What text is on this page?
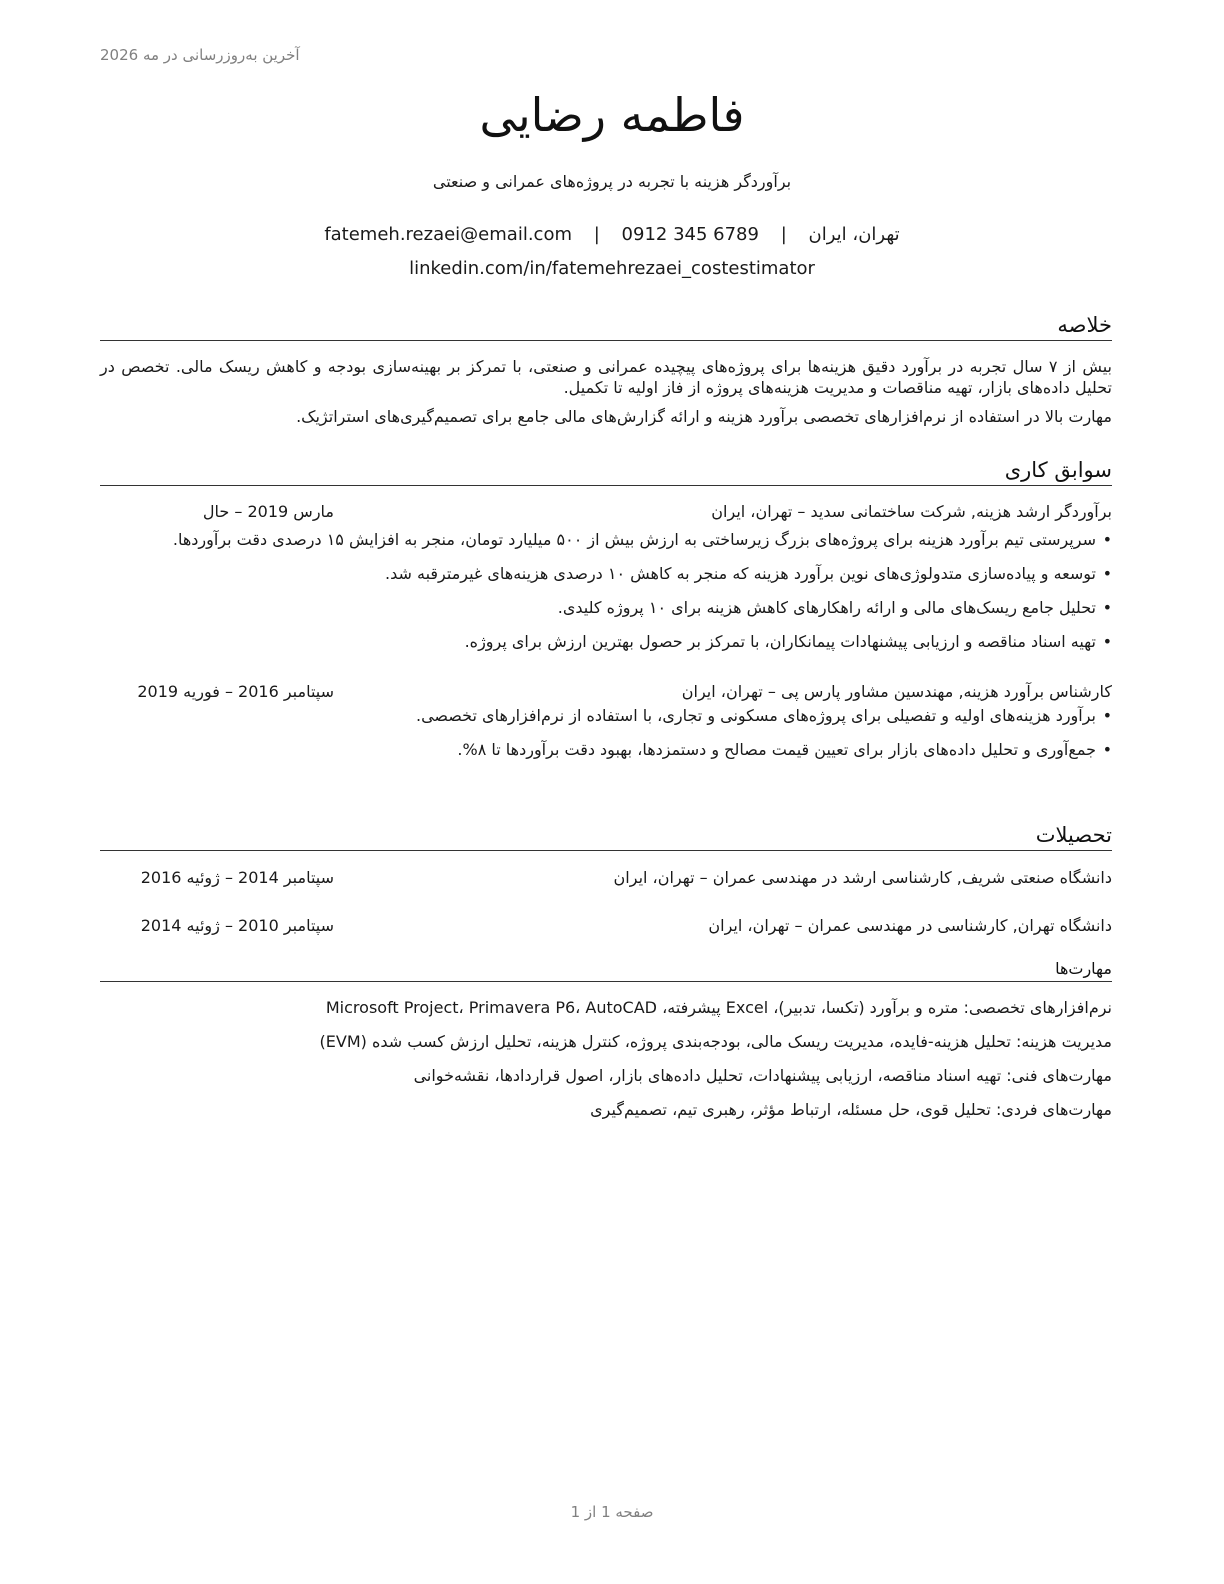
آخرین به‌روزرسانی در مه 2026
فاطمه رضایی
برآوردگر هزینه با تجربه در پروژه‌های عمرانی و صنعتی
تهران، ایران | fatemeh.rezaei@email.com | 0912 345 6789
linkedin.com/in/fatemehrezaei_costestimator
خلاصه

بیش از ۷ سال تجربه در برآورد دقیق هزینه‌ها برای پروژه‌های پیچیده عمرانی و صنعتی، با تمرکز بر بهینه‌سازی بودجه و کاهش ریسک مالی. تخصص در تحلیل داده‌های بازار، تهیه مناقصات و مدیریت هزینه‌های پروژه از فاز اولیه تا تکمیل.

مهارت بالا در استفاده از نرم‌افزارهای تخصصی برآورد هزینه و ارائه گزارش‌های مالی جامع برای تصمیم‌گیری‌های استراتژیک.

سوابق کاری
برآوردگر ارشد هزینه, شرکت ساختمانی سدید – تهران، ایران
مارس 2019 – حال
• سرپرستی تیم برآورد هزینه برای پروژه‌های بزرگ زیرساختی به ارزش بیش از ۵۰۰ میلیارد تومان، منجر به افزایش ۱۵ درصدی دقت برآوردها.
• توسعه و پیاده‌سازی متدولوژی‌های نوین برآورد هزینه که منجر به کاهش ۱۰ درصدی هزینه‌های غیرمترقبه شد.
• تحلیل جامع ریسک‌های مالی و ارائه راهکارهای کاهش هزینه برای ۱۰ پروژه کلیدی.
• تهیه اسناد مناقصه و ارزیابی پیشنهادات پیمانکاران، با تمرکز بر حصول بهترین ارزش برای پروژه.
کارشناس برآورد هزینه, مهندسین مشاور پارس پی – تهران، ایران
سپتامبر 2016 – فوریه 2019
• برآورد هزینه‌های اولیه و تفصیلی برای پروژه‌های مسکونی و تجاری، با استفاده از نرم‌افزارهای تخصصی.
• جمع‌آوری و تحلیل داده‌های بازار برای تعیین قیمت مصالح و دستمزدها، بهبود دقت برآوردها تا ۸%.
تحصیلات
دانشگاه صنعتی شریف, کارشناسی ارشد در مهندسی عمران – تهران، ایران
سپتامبر 2014 – ژوئیه 2016
دانشگاه تهران, کارشناسی در مهندسی عمران – تهران، ایران
سپتامبر 2010 – ژوئیه 2014
مهارت‌ها
نرم‌افزارهای تخصصی: متره و برآورد (تکسا، تدبیر)، Excel پیشرفته، Microsoft Project، Primavera P6، AutoCAD
مدیریت هزینه: تحلیل هزینه-فایده، مدیریت ریسک مالی، بودجه‌بندی پروژه، کنترل هزینه، تحلیل ارزش کسب شده (EVM)
مهارت‌های فنی: تهیه اسناد مناقصه، ارزیابی پیشنهادات، تحلیل داده‌های بازار، اصول قراردادها، نقشه‌خوانی
مهارت‌های فردی: تحلیل قوی، حل مسئله، ارتباط مؤثر، رهبری تیم، تصمیم‌گیری
صفحه 1 از 1
